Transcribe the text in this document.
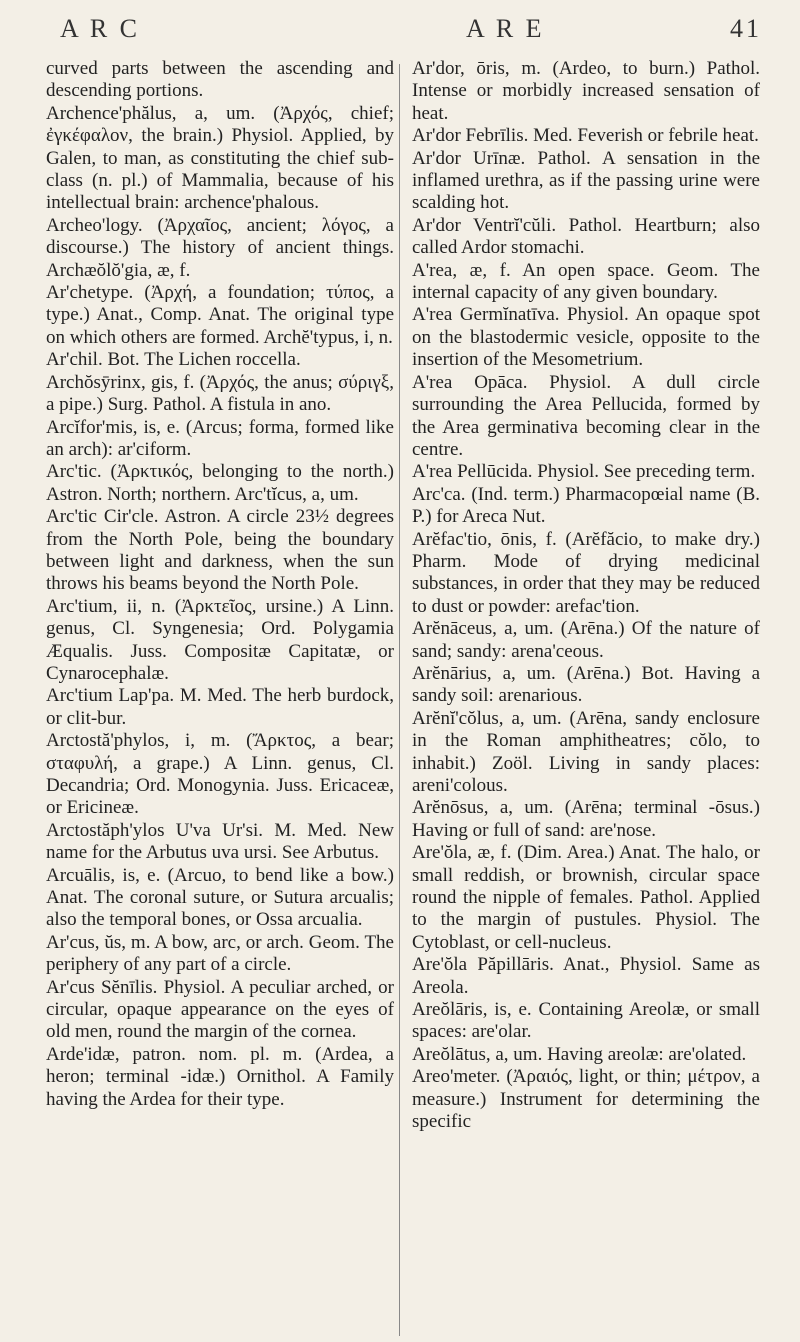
A R C	A R E	41

curved parts between the ascending and descending portions.

Archence'phălus, a, um. (Ἀρχός, chief; ἐγκέφαλον, the brain.) Physiol. Applied, by Galen, to man, as constituting the chief sub-class (n. pl.) of Mammalia, because of his intellectual brain: archence'phalous.

Archeo'logy. (Ἀρχαῖος, ancient; λόγος, a discourse.) The history of ancient things. Archæŏlŏ'gia, æ, f.

Ar'chetype. (Ἀρχή, a foundation; τύπος, a type.) Anat., Comp. Anat. The original type on which others are formed. Archĕ'typus, i, n.

Ar'chil. Bot. The Lichen roccella.

Archŏsȳrinx, gis, f. (Ἀρχός, the anus; σύριγξ, a pipe.) Surg. Pathol. A fistula in ano.

Arcĭfor'mis, is, e. (Arcus; forma, formed like an arch): ar'ciform.

Arc'tic. (Ἀρκτικός, belonging to the north.) Astron. North; northern. Arc'tĭcus, a, um.

Arc'tic Cir'cle. Astron. A circle 23½ degrees from the North Pole, being the boundary between light and darkness, when the sun throws his beams beyond the North Pole.

Arc'tium, ii, n. (Ἀρκτεῖος, ursine.) A Linn. genus, Cl. Syngenesia; Ord. Polygamia Æqualis. Juss. Compositæ Capitatæ, or Cynarocephalæ.

Arc'tium Lap'pa. M. Med. The herb burdock, or clit-bur.

Arctostă'phylos, i, m. (Ἄρκτος, a bear; σταφυλή, a grape.) A Linn. genus, Cl. Decandria; Ord. Monogynia. Juss. Ericaceæ, or Ericineæ.

Arctostăph'ylos U'va Ur'si. M. Med. New name for the Arbutus uva ursi. See Arbutus.

Arcuālis, is, e. (Arcuo, to bend like a bow.) Anat. The coronal suture, or Sutura arcualis; also the temporal bones, or Ossa arcualia.

Ar'cus, ŭs, m. A bow, arc, or arch. Geom. The periphery of any part of a circle.

Ar'cus Sĕnīlis. Physiol. A peculiar arched, or circular, opaque appearance on the eyes of old men, round the margin of the cornea.

Arde'idæ, patron. nom. pl. m. (Ardea, a heron; terminal -idæ.) Ornithol. A Family having the Ardea for their type.

Ar'dor, ōris, m. (Ardeo, to burn.) Pathol. Intense or morbidly increased sensation of heat.

Ar'dor Febrīlis. Med. Feverish or febrile heat.

Ar'dor Urīnæ. Pathol. A sensation in the inflamed urethra, as if the passing urine were scalding hot.

Ar'dor Ventrĭ'cŭli. Pathol. Heartburn; also called Ardor stomachi.

A'rea, æ, f. An open space. Geom. The internal capacity of any given boundary.

A'rea Germĭnatīva. Physiol. An opaque spot on the blastodermic vesicle, opposite to the insertion of the Mesometrium.

A'rea Opāca. Physiol. A dull circle surrounding the Area Pellucida, formed by the Area germinativa becoming clear in the centre.

A'rea Pellūcida. Physiol. See preceding term.

Arc'ca. (Ind. term.) Pharmacopœial name (B. P.) for Areca Nut.

Arĕfac'tio, ōnis, f. (Arĕfăcio, to make dry.) Pharm. Mode of drying medicinal substances, in order that they may be reduced to dust or powder: arefac'tion.

Arĕnāceus, a, um. (Arēna.) Of the nature of sand; sandy: arena'ceous.

Arĕnārius, a, um. (Arēna.) Bot. Having a sandy soil: arenarious.

Arĕnĭ'cŏlus, a, um. (Arēna, sandy enclosure in the Roman amphitheatres; cŏlo, to inhabit.) Zoöl. Living in sandy places: areni'colous.

Arĕnōsus, a, um. (Arēna; terminal -ōsus.) Having or full of sand: are'nose.

Are'ŏla, æ, f. (Dim. Area.) Anat. The halo, or small reddish, or brownish, circular space round the nipple of females. Pathol. Applied to the margin of pustules. Physiol. The Cytoblast, or cell-nucleus.

Are'ŏla Păpillāris. Anat., Physiol. Same as Areola.

Areŏlāris, is, e. Containing Areolæ, or small spaces: are'olar.

Areŏlātus, a, um. Having areolæ: are'olated.

Areo'meter. (Ἀραιός, light, or thin; μέτρον, a measure.) Instrument for determining the specific
